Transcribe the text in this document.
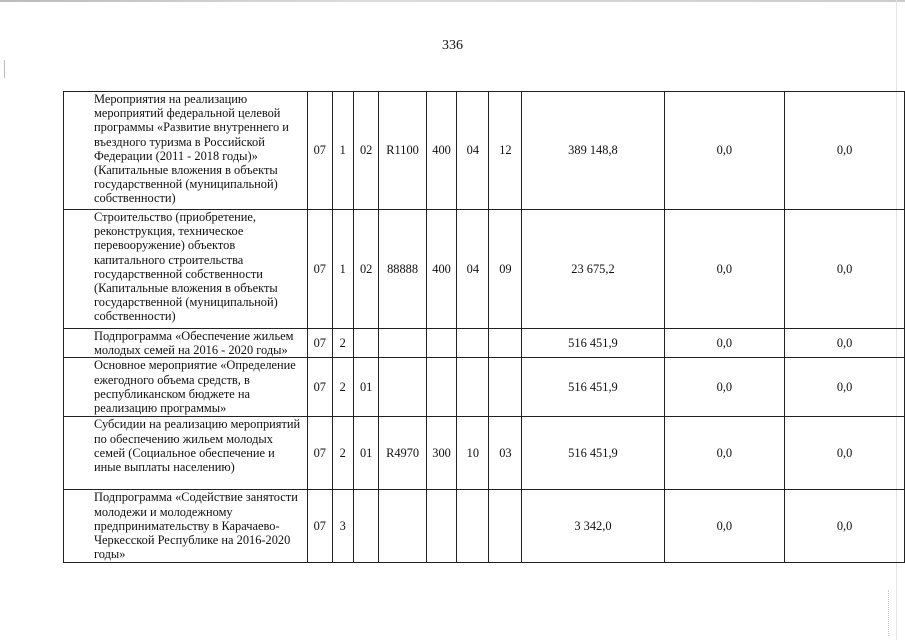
336
Мероприятия на реализацию мероприятий федеральной целевой программы «Развитие внутреннего и въездного туризма в Российской Федерации (2011 - 2018 годы)» (Капитальные вложения в объекты государственной (муниципальной) собственности)	07	1	02	R1100	400	04	12	389 148,8	0,0	0,0
Строительство (приобретение, реконструкция, техническое перевооружение) объектов капитального строительства государственной собственности (Капитальные вложения в объекты государственной (муниципальной) собственности)	07	1	02	88888	400	04	09	23 675,2	0,0	0,0
Подпрограмма «Обеспечение жильем молодых семей на 2016 - 2020 годы»	07	2						516 451,9	0,0	0,0
Основное мероприятие «Определение ежегодного объема средств, в республиканском бюджете на реализацию программы»	07	2	01					516 451,9	0,0	0,0
Субсидии на реализацию мероприятий по обеспечению жильем молодых семей (Социальное обеспечение и иные выплаты населению)	07	2	01	R4970	300	10	03	516 451,9	0,0	0,0
Подпрограмма «Содействие занятости молодежи и молодежному предпринимательству в Карачаево-Черкесской Республике на 2016-2020 годы»	07	3						3 342,0	0,0	0,0
